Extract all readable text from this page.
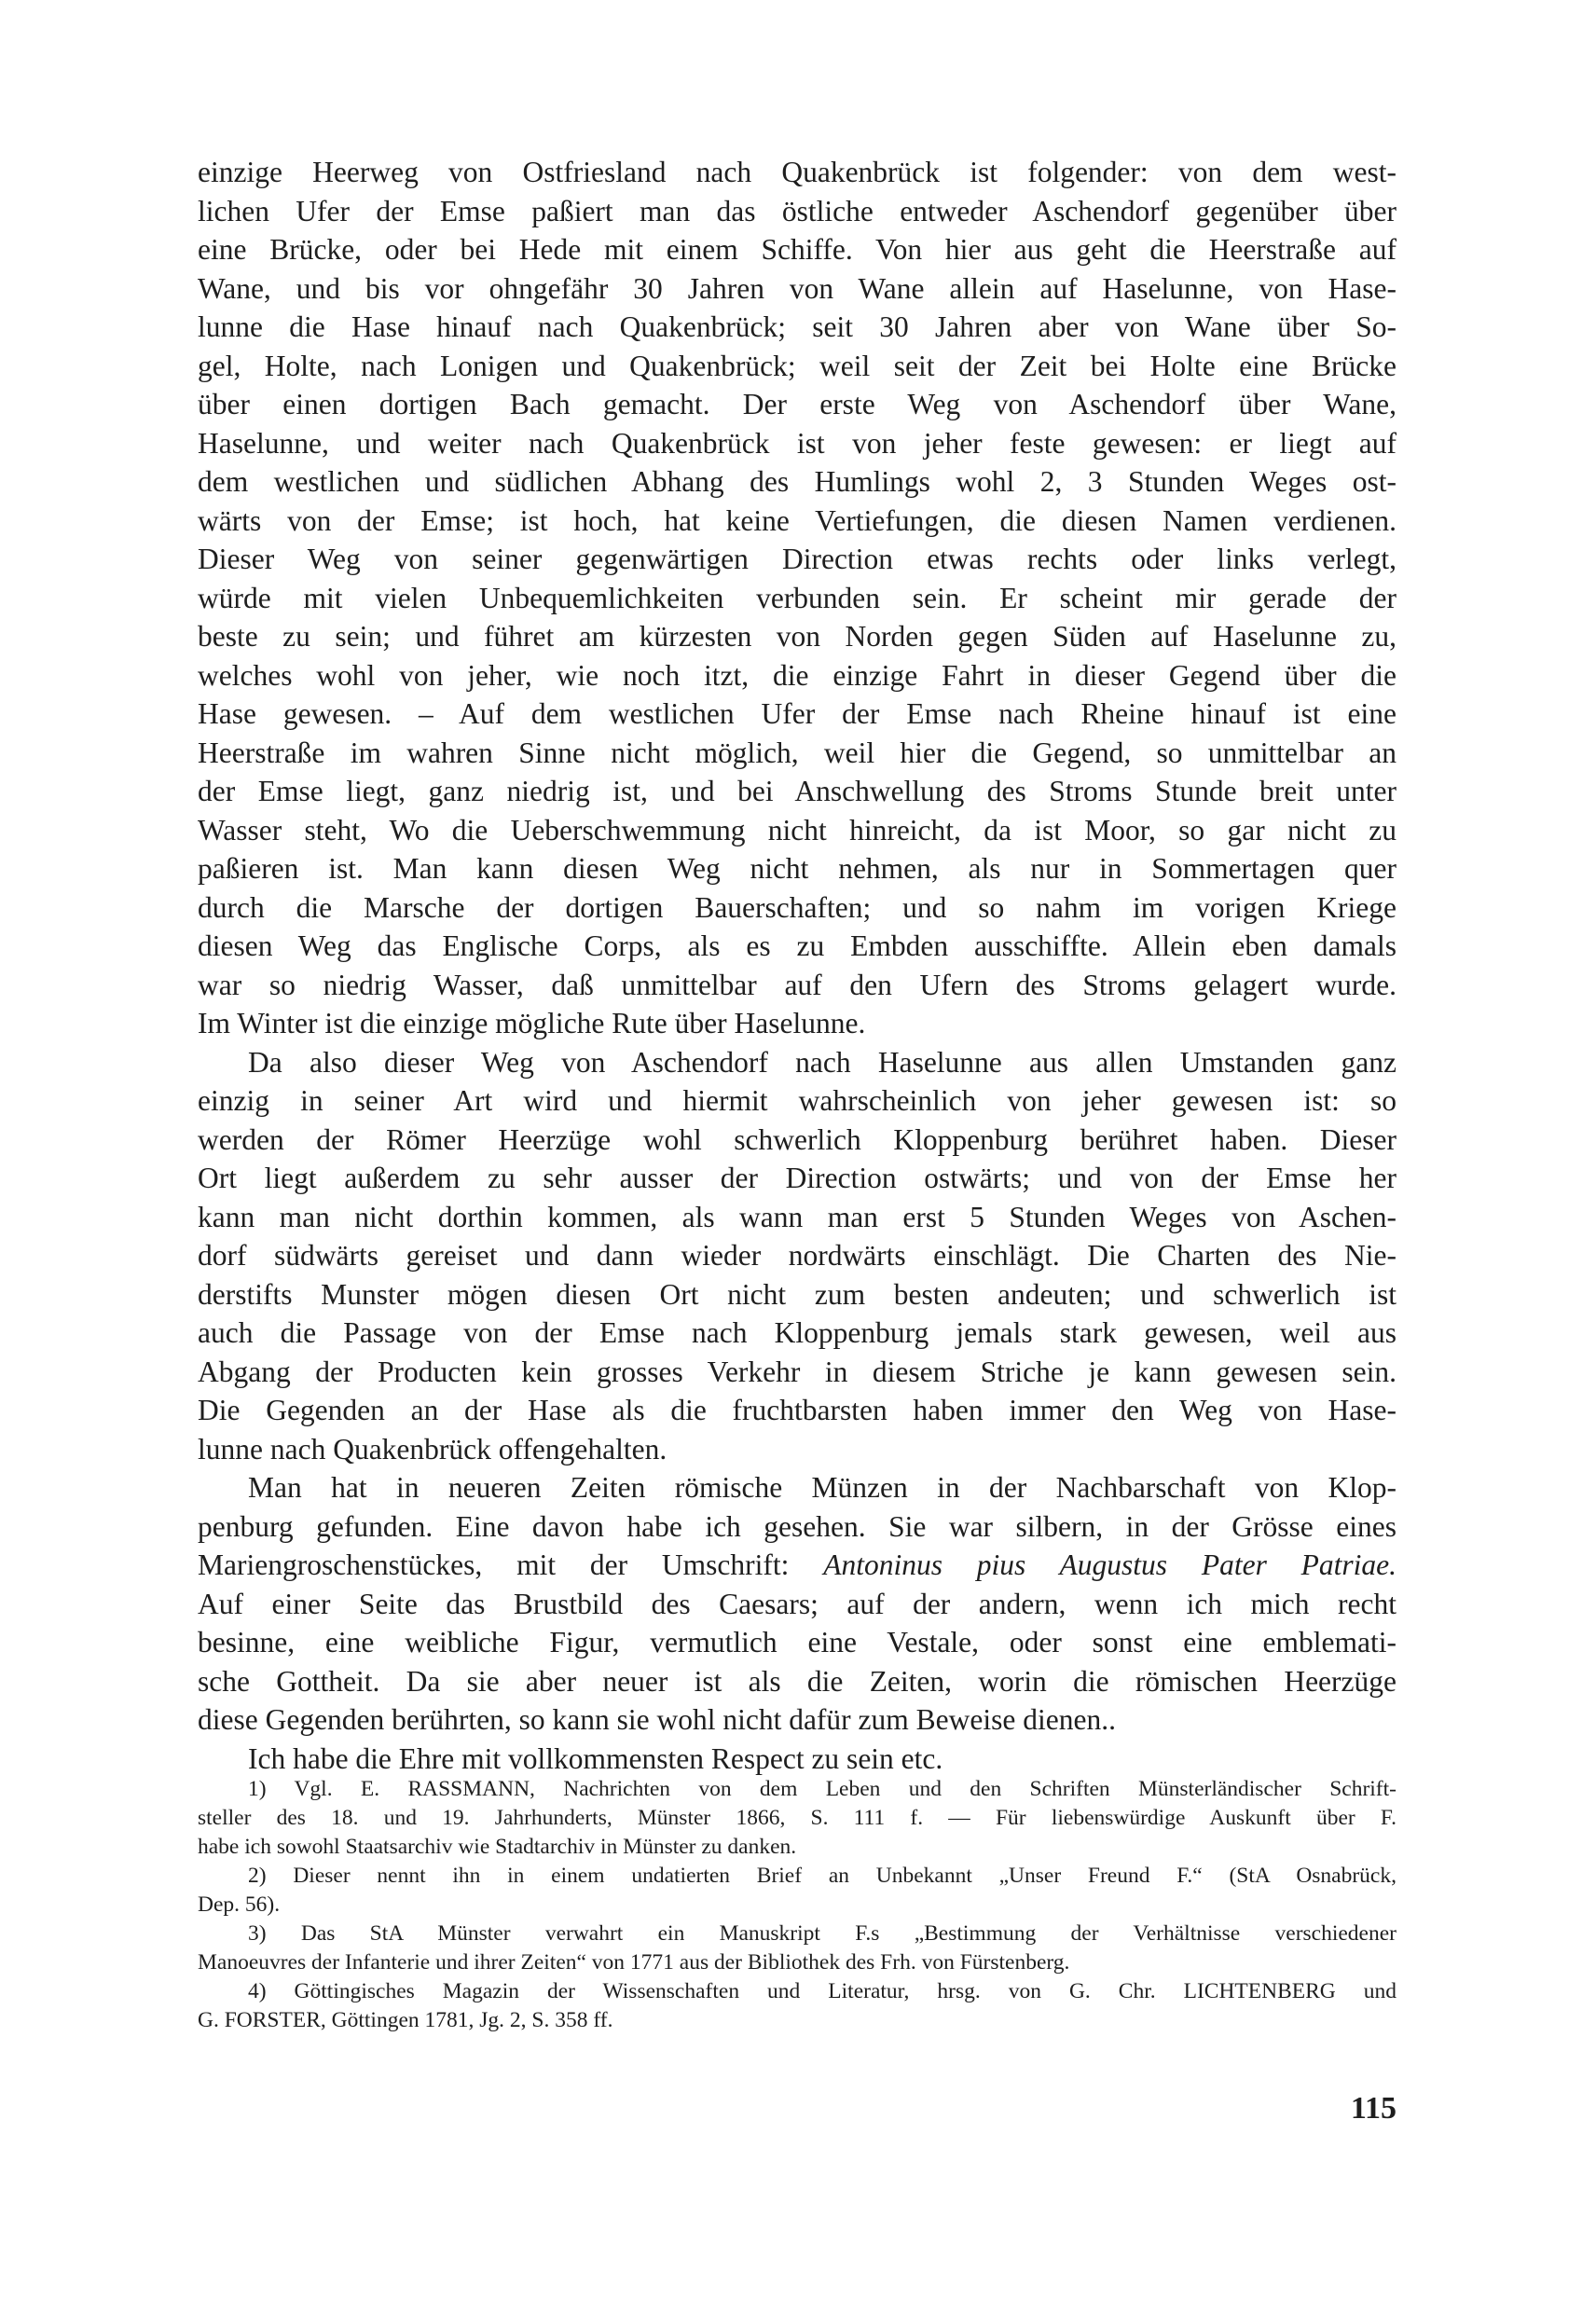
einzige Heerweg von Ostfriesland nach Quakenbrück ist folgender: von dem west-
lichen Ufer der Emse paßiert man das östliche entweder Aschendorf gegenüber über
eine Brücke, oder bei Hede mit einem Schiffe. Von hier aus geht die Heerstraße auf
Wane, und bis vor ohngefähr 30 Jahren von Wane allein auf Haselunne, von Hase-
lunne die Hase hinauf nach Quakenbrück; seit 30 Jahren aber von Wane über So-
gel, Holte, nach Lonigen und Quakenbrück; weil seit der Zeit bei Holte eine Brücke
über einen dortigen Bach gemacht. Der erste Weg von Aschendorf über Wane,
Haselunne, und weiter nach Quakenbrück ist von jeher feste gewesen: er liegt auf
dem westlichen und südlichen Abhang des Humlings wohl 2, 3 Stunden Weges ost-
wärts von der Emse; ist hoch, hat keine Vertiefungen, die diesen Namen verdienen.
Dieser Weg von seiner gegenwärtigen Direction etwas rechts oder links verlegt,
würde mit vielen Unbequemlichkeiten verbunden sein. Er scheint mir gerade der
beste zu sein; und führet am kürzesten von Norden gegen Süden auf Haselunne zu,
welches wohl von jeher, wie noch itzt, die einzige Fahrt in dieser Gegend über die
Hase gewesen. – Auf dem westlichen Ufer der Emse nach Rheine hinauf ist eine
Heerstraße im wahren Sinne nicht möglich, weil hier die Gegend, so unmittelbar an
der Emse liegt, ganz niedrig ist, und bei Anschwellung des Stroms Stunde breit unter
Wasser steht, Wo die Ueberschwemmung nicht hinreicht, da ist Moor, so gar nicht zu
paßieren ist. Man kann diesen Weg nicht nehmen, als nur in Sommertagen quer
durch die Marsche der dortigen Bauerschaften; und so nahm im vorigen Kriege
diesen Weg das Englische Corps, als es zu Embden ausschiffte. Allein eben damals
war so niedrig Wasser, daß unmittelbar auf den Ufern des Stroms gelagert wurde.
Im Winter ist die einzige mögliche Rute über Haselunne.
Da also dieser Weg von Aschendorf nach Haselunne aus allen Umstanden ganz
einzig in seiner Art wird und hiermit wahrscheinlich von jeher gewesen ist: so
werden der Römer Heerzüge wohl schwerlich Kloppenburg berühret haben. Dieser
Ort liegt außerdem zu sehr ausser der Direction ostwärts; und von der Emse her
kann man nicht dorthin kommen, als wann man erst 5 Stunden Weges von Aschen-
dorf südwärts gereiset und dann wieder nordwärts einschlägt. Die Charten des Nie-
derstifts Munster mögen diesen Ort nicht zum besten andeuten; und schwerlich ist
auch die Passage von der Emse nach Kloppenburg jemals stark gewesen, weil aus
Abgang der Producten kein grosses Verkehr in diesem Striche je kann gewesen sein.
Die Gegenden an der Hase als die fruchtbarsten haben immer den Weg von Hase-
lunne nach Quakenbrück offengehalten.
Man hat in neueren Zeiten römische Münzen in der Nachbarschaft von Klop-
penburg gefunden. Eine davon habe ich gesehen. Sie war silbern, in der Grösse eines
Mariengroschenstückes, mit der Umschrift: Antoninus pius Augustus Pater Patriae.
Auf einer Seite das Brustbild des Caesars; auf der andern, wenn ich mich recht
besinne, eine weibliche Figur, vermutlich eine Vestale, oder sonst eine emblemati-
sche Gottheit. Da sie aber neuer ist als die Zeiten, worin die römischen Heerzüge
diese Gegenden berührten, so kann sie wohl nicht dafür zum Beweise dienen..
Ich habe die Ehre mit vollkommensten Respect zu sein etc.
1) Vgl. E. RASSMANN, Nachrichten von dem Leben und den Schriften Münsterländischer Schrift-
steller des 18. und 19. Jahrhunderts, Münster 1866, S. 111 f. — Für liebenswürdige Auskunft über F.
habe ich sowohl Staatsarchiv wie Stadtarchiv in Münster zu danken.
2) Dieser nennt ihn in einem undatierten Brief an Unbekannt „Unser Freund F.“ (StA Osnabrück,
Dep. 56).
3) Das StA Münster verwahrt ein Manuskript F.s „Bestimmung der Verhältnisse verschiedener
Manoeuvres der Infanterie und ihrer Zeiten“ von 1771 aus der Bibliothek des Frh. von Fürstenberg.
4) Göttingisches Magazin der Wissenschaften und Literatur, hrsg. von G. Chr. LICHTENBERG und
G. FORSTER, Göttingen 1781, Jg. 2, S. 358 ff.
115
